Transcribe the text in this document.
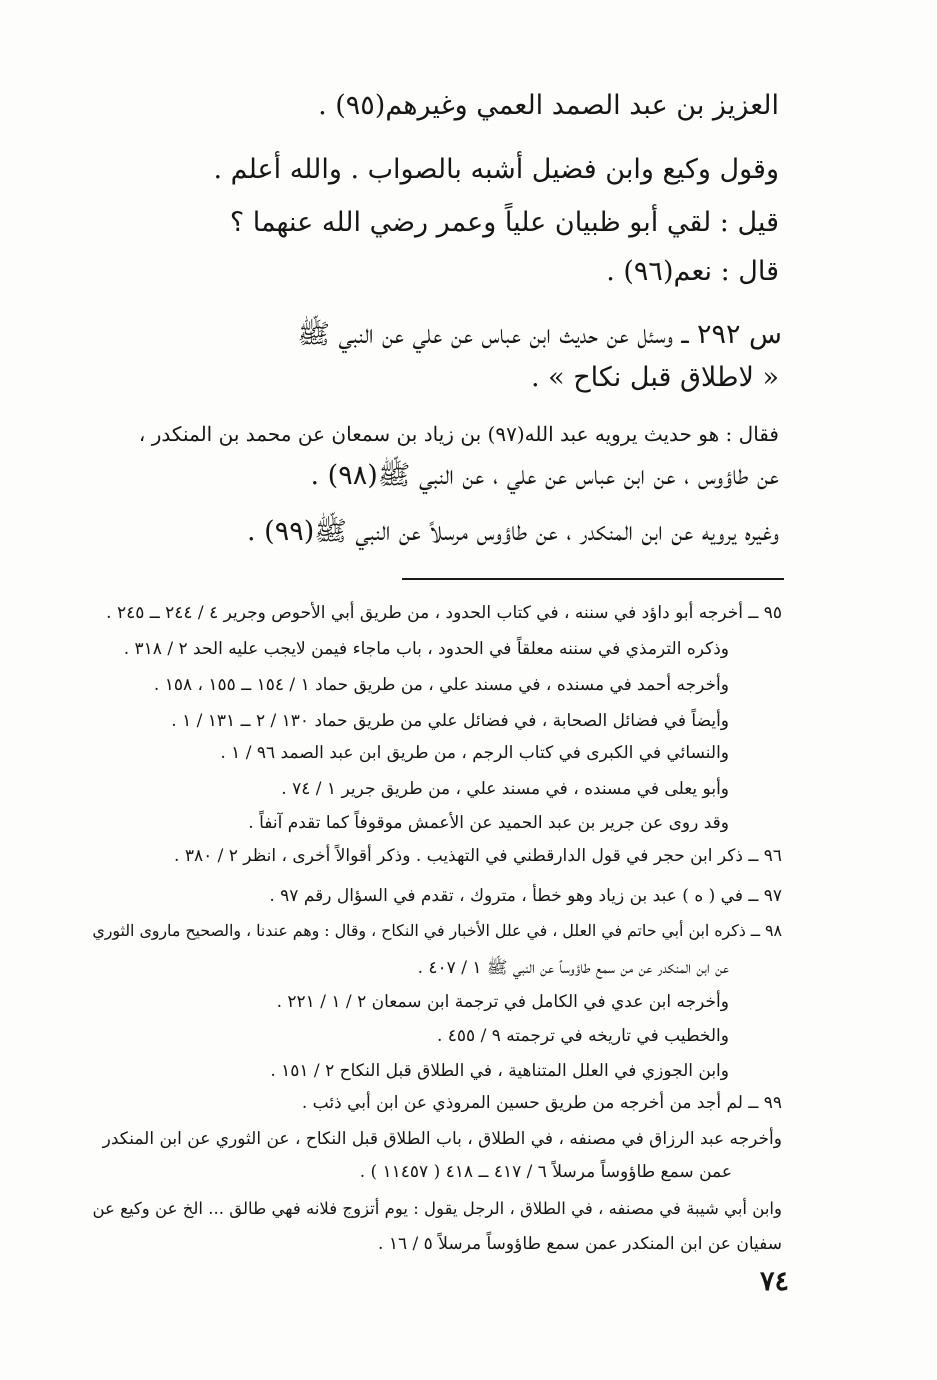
العزيز بن عبد الصمد العمي وغيرهم(٩٥) .

وقول وكيع وابن فضيل أشبه بالصواب . والله أعلم .

قيل : لقي أبو ظبيان علياً وعمر رضي الله عنهما ؟

قال : نعم(٩٦) .

س ٢٩٢ ــ وسئل عن حديث ابن عباس عن علي عن النبي ﷺ

« لاطلاق قبل نكاح » .

فقال : هو حديث يرويه عبد الله(٩٧) بن زياد بن سمعان عن محمد بن المنكدر ،

عن طاؤوس ، عن ابن عباس عن علي ، عن النبي ﷺ(٩٨) .

وغيره يرويه عن ابن المنكدر ، عن طاؤوس مرسلاً عن النبي ﷺ(٩٩) .

٩٥ ــ أخرجه أبو داؤد في سننه ، في كتاب الحدود ، من طريق أبي الأحوص وجرير ٤ / ٢٤٤ ــ ٢٤٥ .

وذكره الترمذي في سننه معلقاً في الحدود ، باب ماجاء فيمن لايجب عليه الحد ٢ / ٣١٨ .

وأخرجه أحمد في مسنده ، في مسند علي ، من طريق حماد ١ / ١٥٤ ــ ١٥٥ ، ١٥٨ .

وأيضاً في فضائل الصحابة ، في فضائل علي من طريق حماد ١٣٠ / ٢ ــ ١٣١ / ١ .

والنسائي في الكبرى في كتاب الرجم ، من طريق ابن عبد الصمد ٩٦ / ١ .

وأبو يعلى في مسنده ، في مسند علي ، من طريق جرير ١ / ٧٤ .

وقد روى عن جرير بن عبد الحميد عن الأعمش موقوفاً كما تقدم آنفاً .

٩٦ ــ ذكر ابن حجر في قول الدارقطني في التهذيب . وذكر أقوالاً أخرى ، انظر ٢ / ٣٨٠ .

٩٧ ــ في ( ه ) عبد بن زياد وهو خطأ ، متروك ، تقدم في السؤال رقم ٩٧ .

٩٨ ــ ذكره ابن أبي حاتم في العلل ، في علل الأخبار في النكاح ، وقال : وهم عندنا ، والصحيح ماروى الثوري

عن ابن المنكدر عن من سمع طاؤوساً عن النبي ﷺ ١ / ٤٠٧ .

وأخرجه ابن عدي في الكامل في ترجمة ابن سمعان ٢ / ١ / ٢٢١ .

والخطيب في تاريخه في ترجمته ٩ / ٤٥٥ .

وابن الجوزي في العلل المتناهية ، في الطلاق قبل النكاح ٢ / ١٥١ .

٩٩ ــ لم أجد من أخرجه من طريق حسين المروذي عن ابن أبي ذئب .

وأخرجه عبد الرزاق في مصنفه ، في الطلاق ، باب الطلاق قبل النكاح ، عن الثوري عن ابن المنكدر

عمن سمع طاؤوساً مرسلاً ٦ / ٤١٧ ــ ٤١٨ ( ١١٤٥٧ ) .

وابن أبي شيبة في مصنفه ، في الطلاق ، الرجل يقول : يوم أتزوج فلانه فهي طالق ... الخ عن وكيع عن

سفيان عن ابن المنكدر عمن سمع طاؤوساً مرسلاً ٥ / ١٦ .

٧٤
